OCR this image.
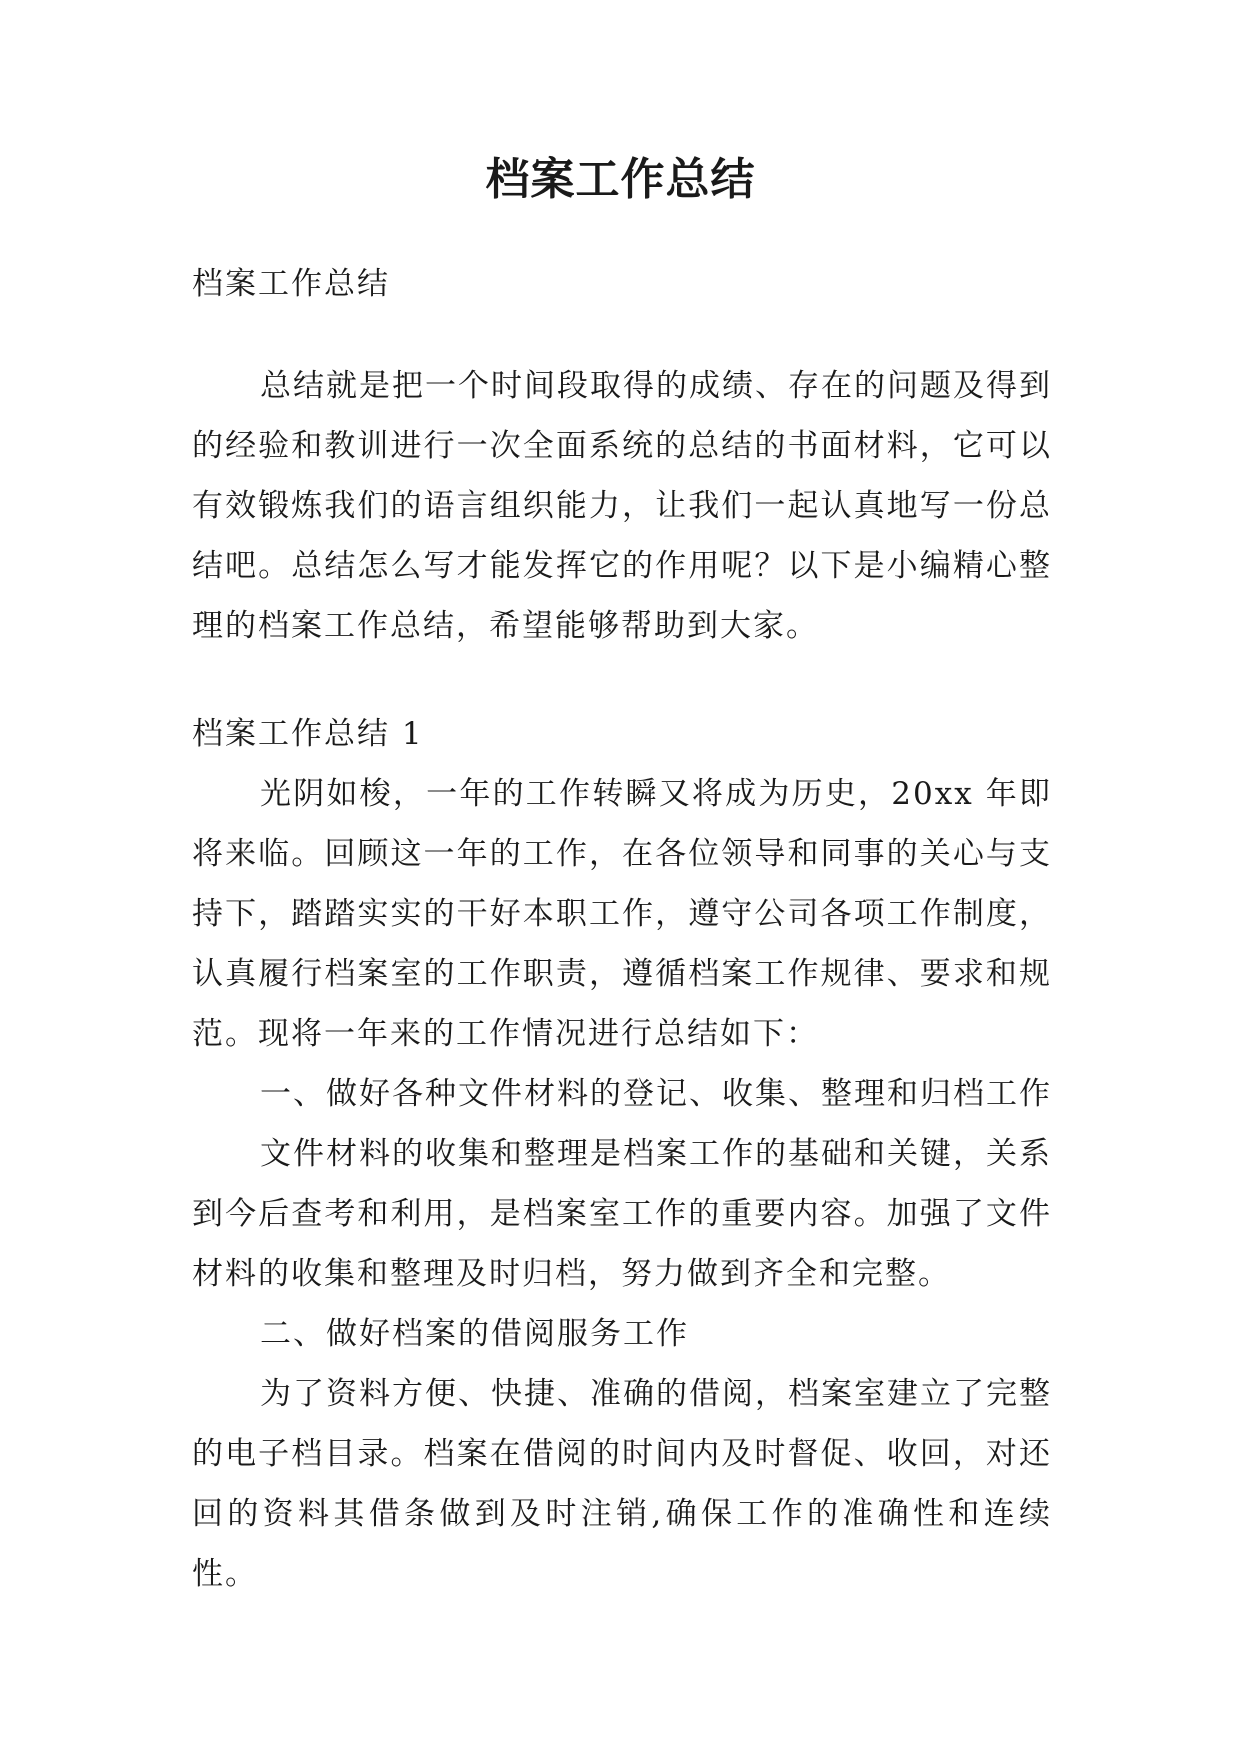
档案工作总结

档案工作总结

总结就是把一个时间段取得的成绩、存在的问题及得到的经验和教训进行一次全面系统的总结的书面材料，它可以有效锻炼我们的语言组织能力，让我们一起认真地写一份总结吧。总结怎么写才能发挥它的作用呢？以下是小编精心整理的档案工作总结，希望能够帮助到大家。

档案工作总结 1

光阴如梭，一年的工作转瞬又将成为历史，20xx 年即将来临。回顾这一年的工作，在各位领导和同事的关心与支持下，踏踏实实的干好本职工作，遵守公司各项工作制度，认真履行档案室的工作职责，遵循档案工作规律、要求和规范。现将一年来的工作情况进行总结如下：

一、做好各种文件材料的登记、收集、整理和归档工作

文件材料的收集和整理是档案工作的基础和关键，关系到今后查考和利用，是档案室工作的重要内容。加强了文件材料的收集和整理及时归档，努力做到齐全和完整。

二、做好档案的借阅服务工作

为了资料方便、快捷、准确的借阅，档案室建立了完整的电子档目录。档案在借阅的时间内及时督促、收回，对还回的资料其借条做到及时注销,确保工作的准确性和连续性。
